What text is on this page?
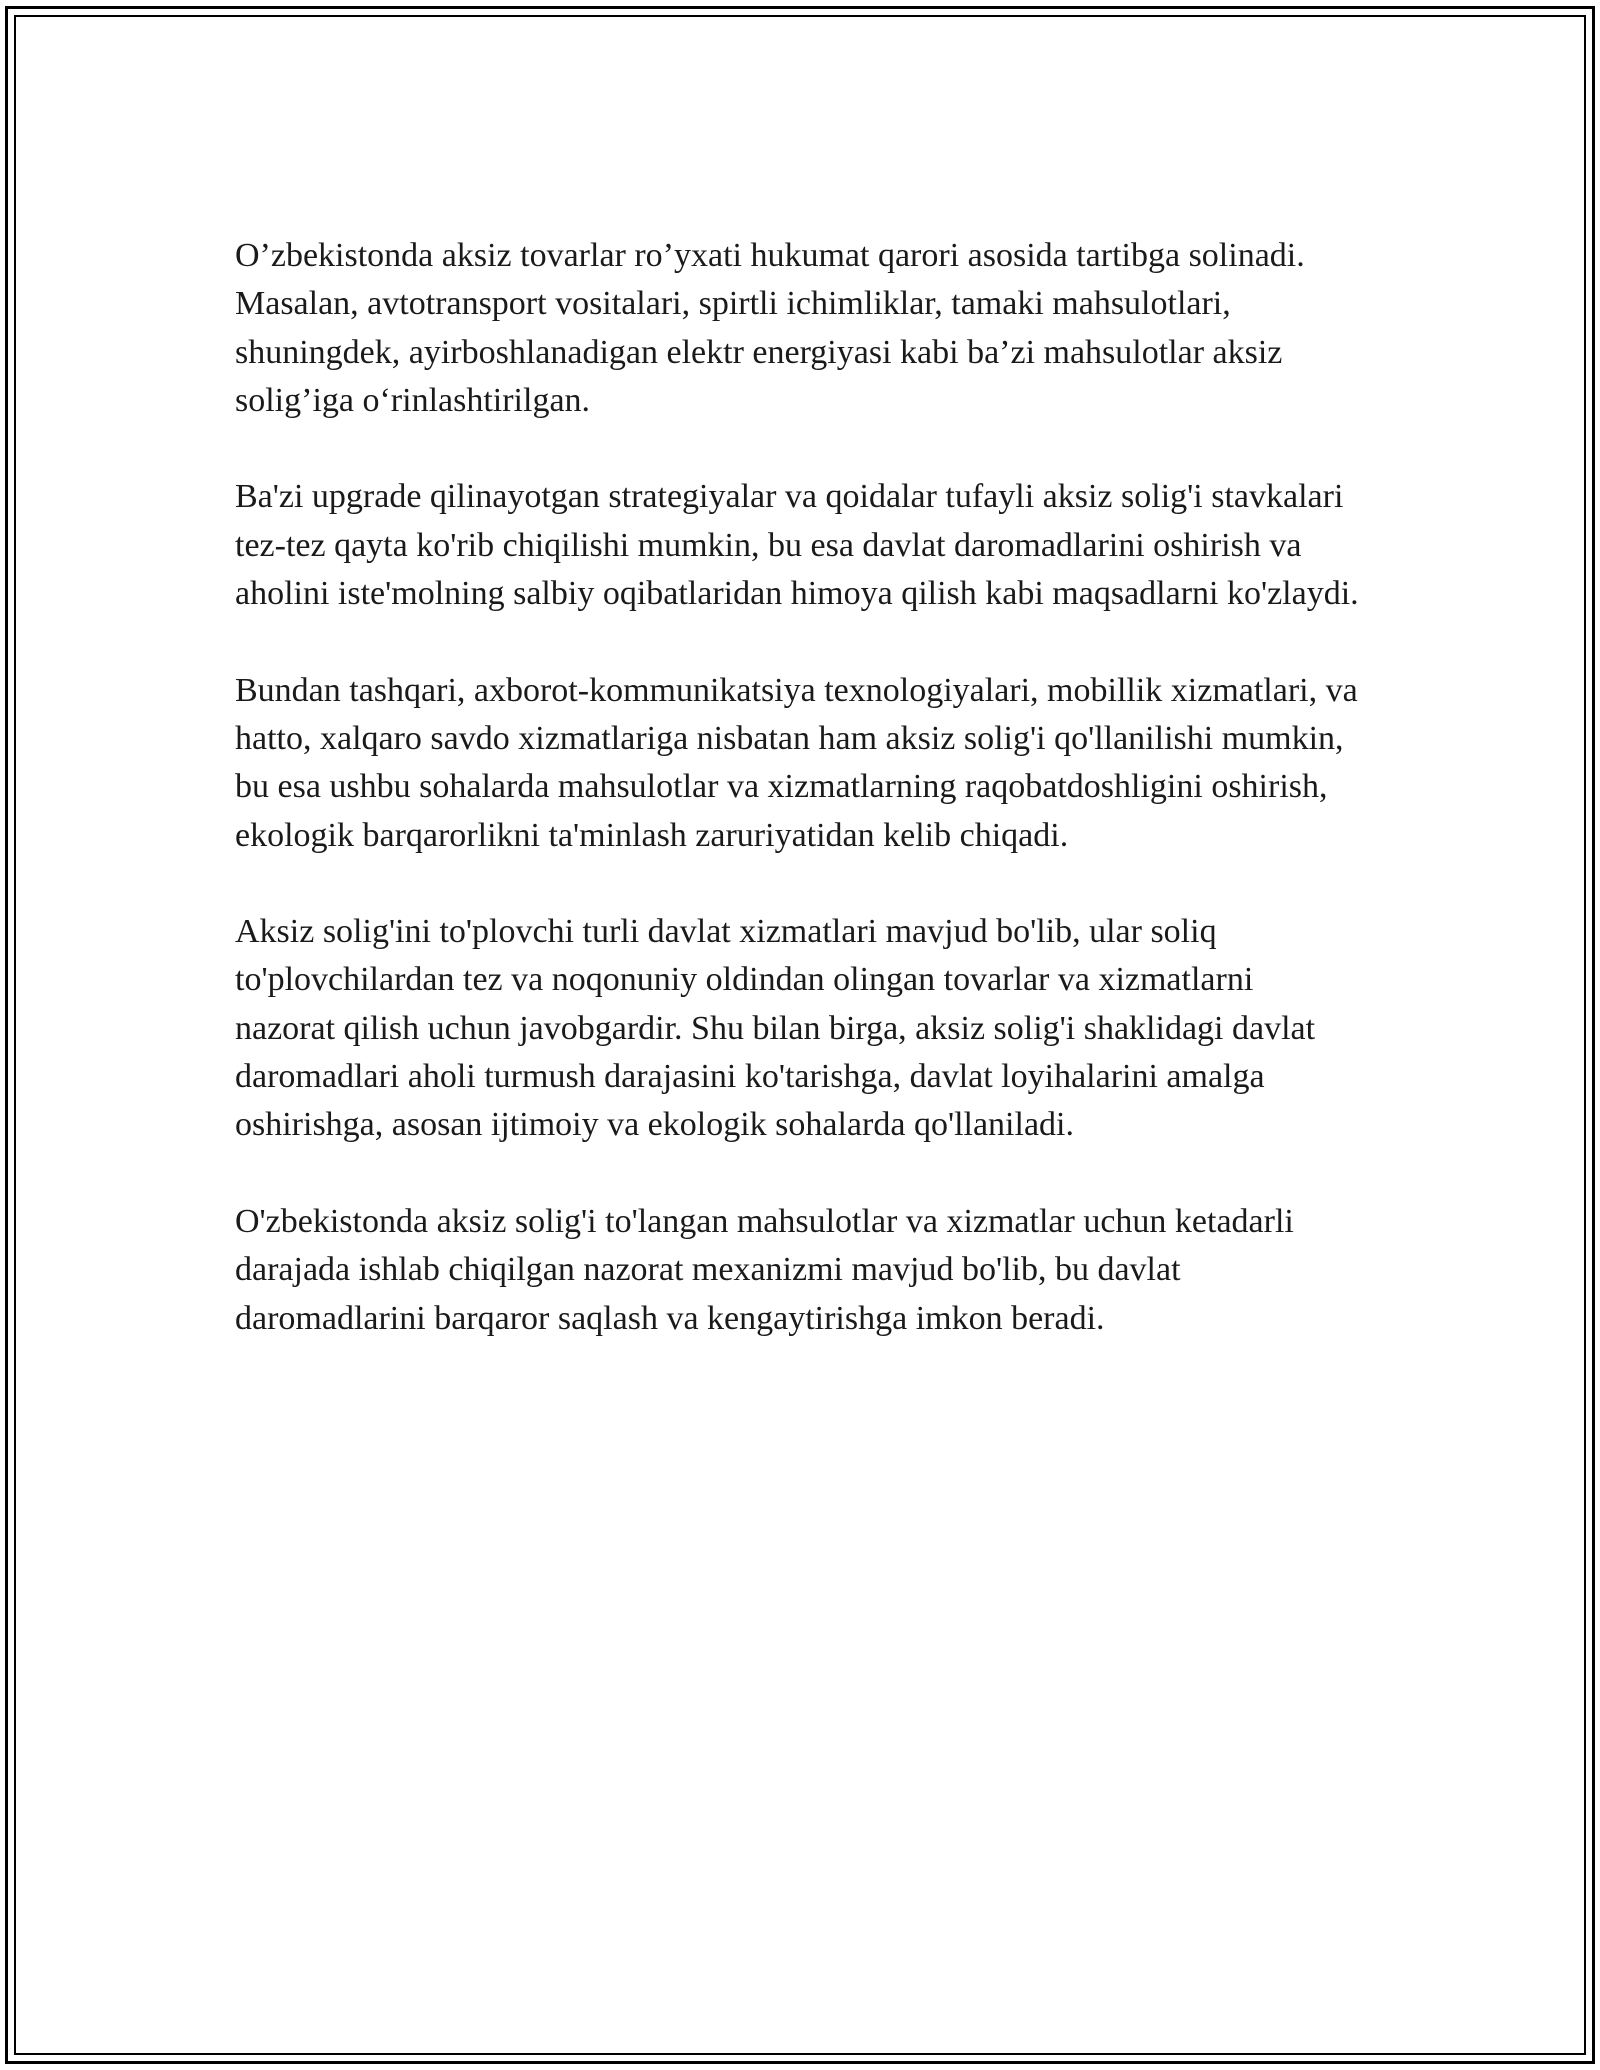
O’zbekistonda aksiz tovarlar ro’yxati hukumat qarori asosida tartibga solinadi. Masalan, avtotransport vositalari, spirtli ichimliklar, tamaki mahsulotlari, shuningdek, ayirboshlanadigan elektr energiyasi kabi ba’zi mahsulotlar aksiz solig’iga o‘rinlashtirilgan.

Ba'zi upgrade qilinayotgan strategiyalar va qoidalar tufayli aksiz solig'i stavkalari tez-tez qayta ko'rib chiqilishi mumkin, bu esa davlat daromadlarini oshirish va aholini iste'molning salbiy oqibatlaridan himoya qilish kabi maqsadlarni ko'zlaydi.

Bundan tashqari, axborot-kommunikatsiya texnologiyalari, mobillik xizmatlari, va hatto, xalqaro savdo xizmatlariga nisbatan ham aksiz solig'i qo'llanilishi mumkin, bu esa ushbu sohalarda mahsulotlar va xizmatlarning raqobatdoshligini oshirish, ekologik barqarorlikni ta'minlash zaruriyatidan kelib chiqadi.

Aksiz solig'ini to'plovchi turli davlat xizmatlari mavjud bo'lib, ular soliq to'plovchilardan tez va noqonuniy oldindan olingan tovarlar va xizmatlarni nazorat qilish uchun javobgardir. Shu bilan birga, aksiz solig'i shaklidagi davlat daromadlari aholi turmush darajasini ko'tarishga, davlat loyihalarini amalga oshirishga, asosan ijtimoiy va ekologik sohalarda qo'llaniladi.

O'zbekistonda aksiz solig'i to'langan mahsulotlar va xizmatlar uchun ketadarli darajada ishlab chiqilgan nazorat mexanizmi mavjud bo'lib, bu davlat daromadlarini barqaror saqlash va kengaytirishga imkon beradi.
